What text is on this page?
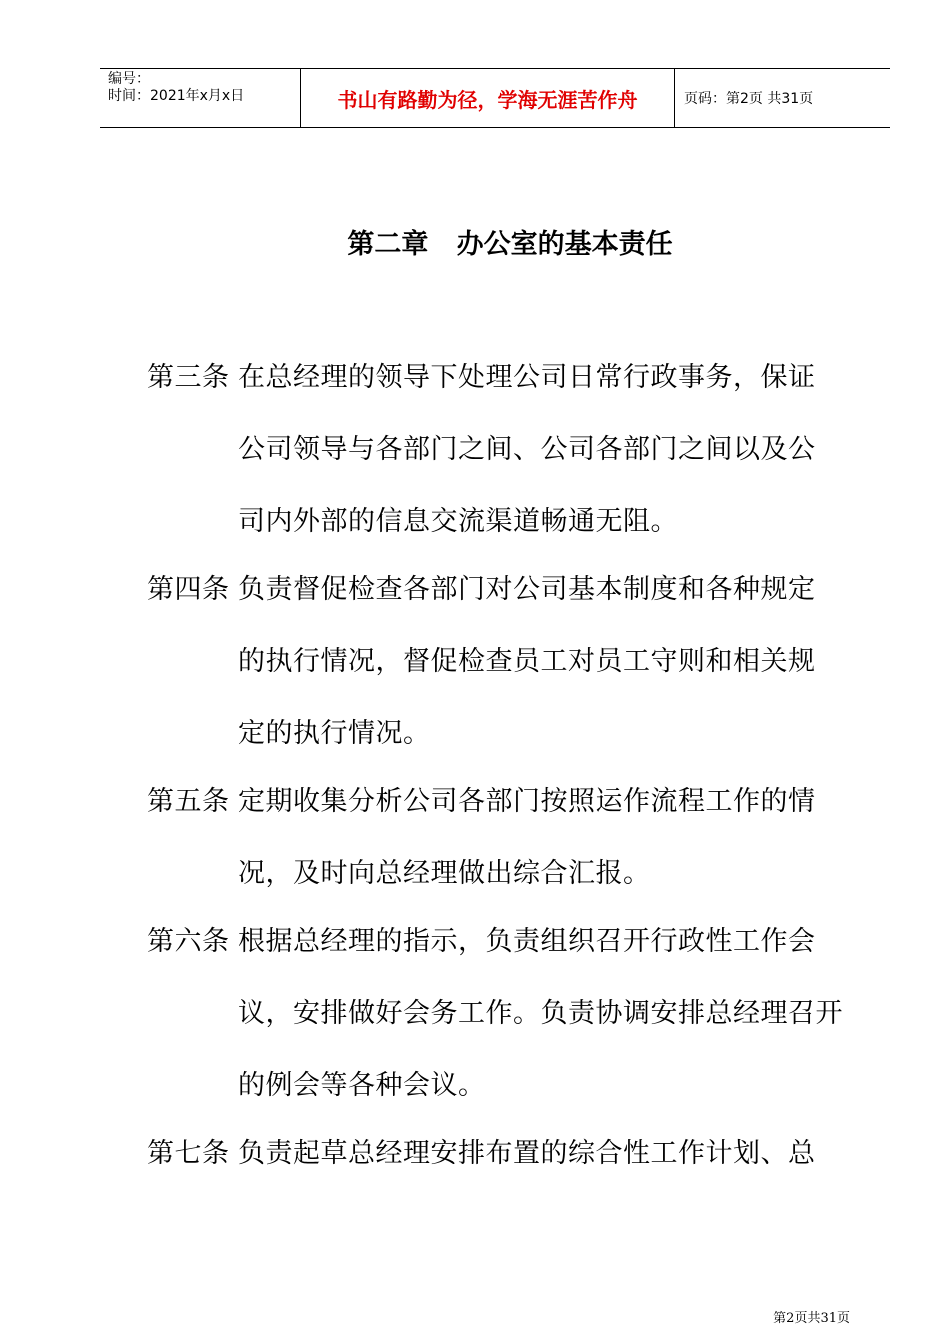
编号：
时间：2021年x月x日	书山有路勤为径，学海无涯苦作舟	页码：第2页 共31页
第二章   办公室的基本责任
第三条 在总经理的领导下处理公司日常行政事务，保证
公司领导与各部门之间、公司各部门之间以及公
司内外部的信息交流渠道畅通无阻。
第四条 负责督促检查各部门对公司基本制度和各种规定
的执行情况，督促检查员工对员工守则和相关规
定的执行情况。
第五条 定期收集分析公司各部门按照运作流程工作的情
况，及时向总经理做出综合汇报。
第六条 根据总经理的指示，负责组织召开行政性工作会
议，安排做好会务工作。负责协调安排总经理召开
的例会等各种会议。
第七条 负责起草总经理安排布置的综合性工作计划、总
第2页共31页
